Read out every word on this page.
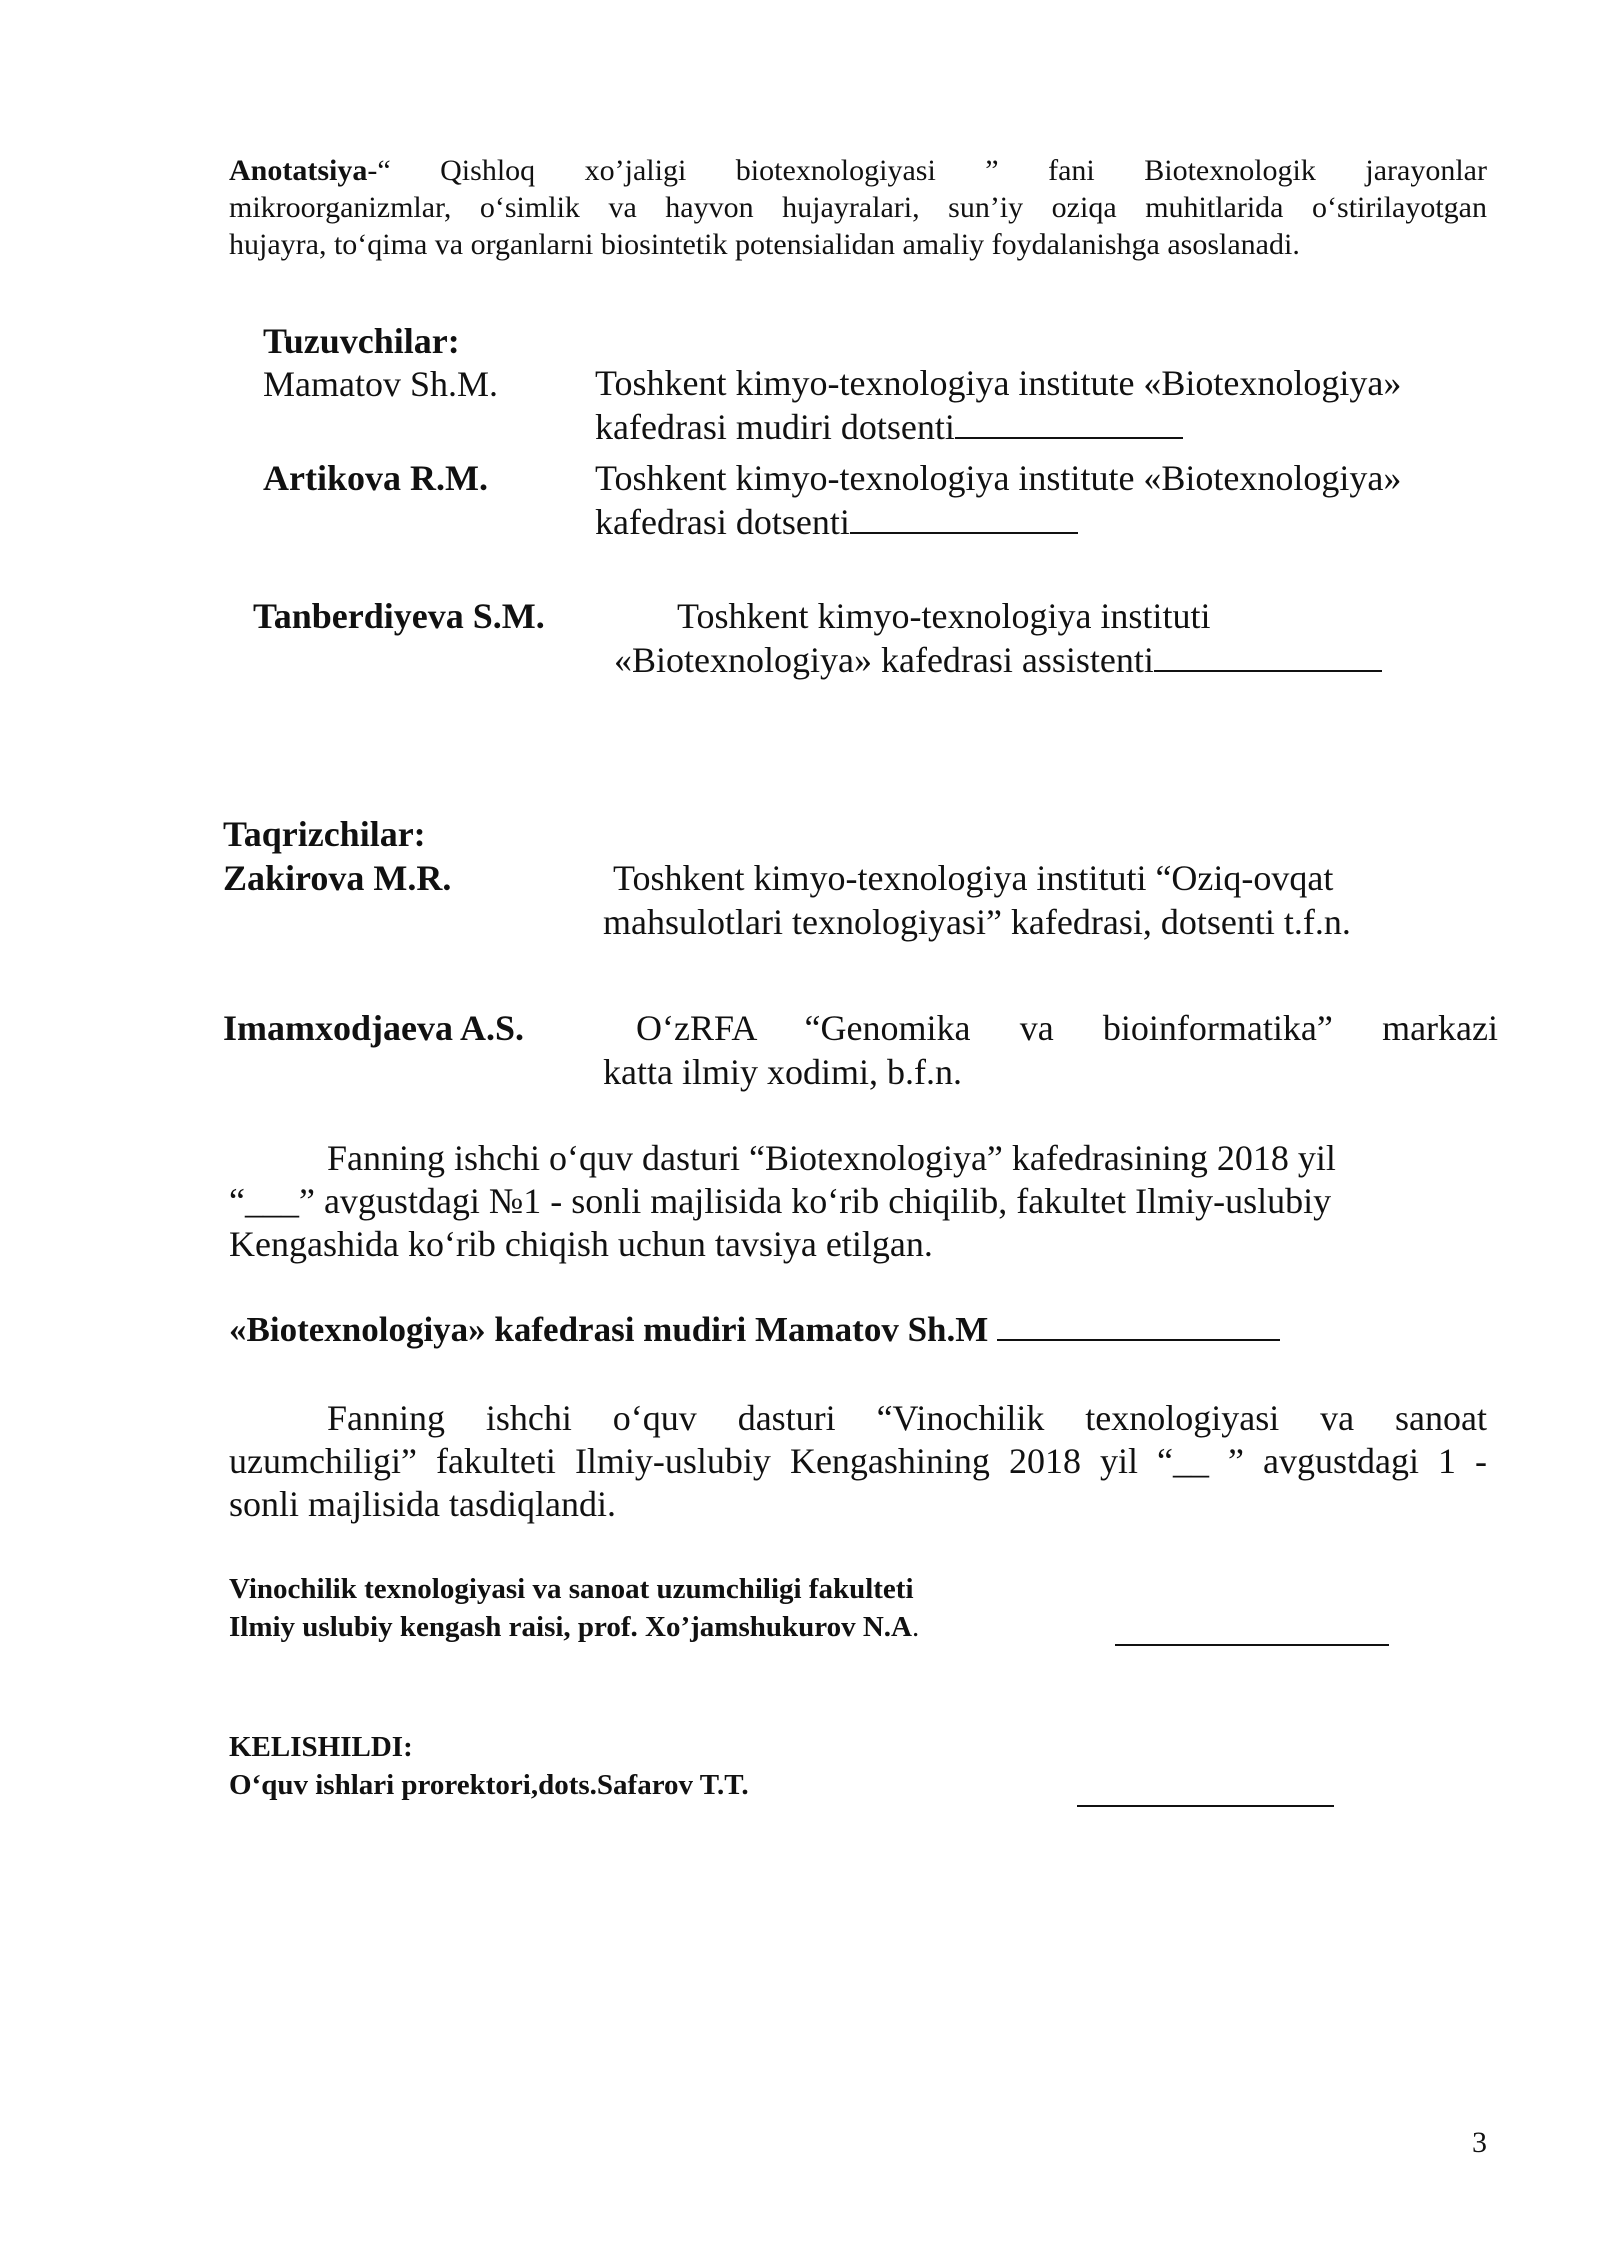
Anotatsiya-“ Qishloq xo’jaligi biotexnologiyasi ” fani Biotexnologik jarayonlar
mikroorganizmlar, o‘simlik va hayvon hujayralari, sun’iy oziqa muhitlarida o‘stirilayotgan
hujayra, to‘qima va organlarni biosintetik potensialidan amaliy foydalanishga asoslanadi.
Tuzuvchilar:
Mamatov Sh.M.	Toshkent kimyo-texnologiya institute «Biotexnologiya»
kafedrasi mudiri dotsenti
Artikova R.M.	Toshkent kimyo-texnologiya institute «Biotexnologiya»
kafedrasi dotsenti
Tanberdiyeva S.M.	Toshkent kimyo-texnologiya instituti
«Biotexnologiya» kafedrasi assistenti
Taqrizchilar:
Zakirova M.R.	Toshkent kimyo-texnologiya instituti “Oziq-ovqat
mahsulotlari texnologiyasi” kafedrasi, dotsenti t.f.n.
Imamxodjaeva A.S.	O‘zRFA “Genomika va bioinformatika” markazi
katta ilmiy xodimi, b.f.n.
Fanning ishchi o‘quv dasturi “Biotexnologiya” kafedrasining 2018 yil
“___” avgustdagi №1 - sonli majlisida ko‘rib chiqilib, fakultet Ilmiy-uslubiy
Kengashida ko‘rib chiqish uchun tavsiya etilgan.
«Biotexnologiya» kafedrasi mudiri Mamatov Sh.M
Fanning ishchi o‘quv dasturi “Vinochilik texnologiyasi va sanoat
uzumchiligi” fakulteti Ilmiy-uslubiy Kengashining 2018 yil “__ ” avgustdagi 1 -
sonli majlisida tasdiqlandi.
Vinochilik texnologiyasi va sanoat uzumchiligi fakulteti
Ilmiy uslubiy kengash raisi, prof. Xo’jamshukurov N.A.
KELISHILDI:
O‘quv ishlari prorektori,dots.Safarov T.T.
3
